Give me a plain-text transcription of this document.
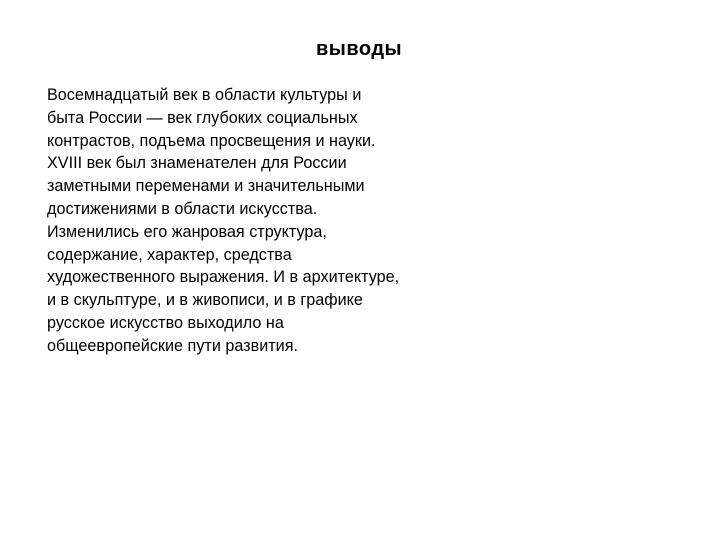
выводы

Восемнадцатый век в области культуры и
быта России — век глубоких социальных
контрастов, подъема просвещения и науки.
XVIII век был знаменателен для России
заметными переменами и значительными
достижениями в области искусства.
Изменились его жанровая структура,
содержание, характер, средства
художественного выражения. И в архитектуре,
и в скульптуре, и в живописи, и в графике
русское искусство выходило на
общеевропейские пути развития.
